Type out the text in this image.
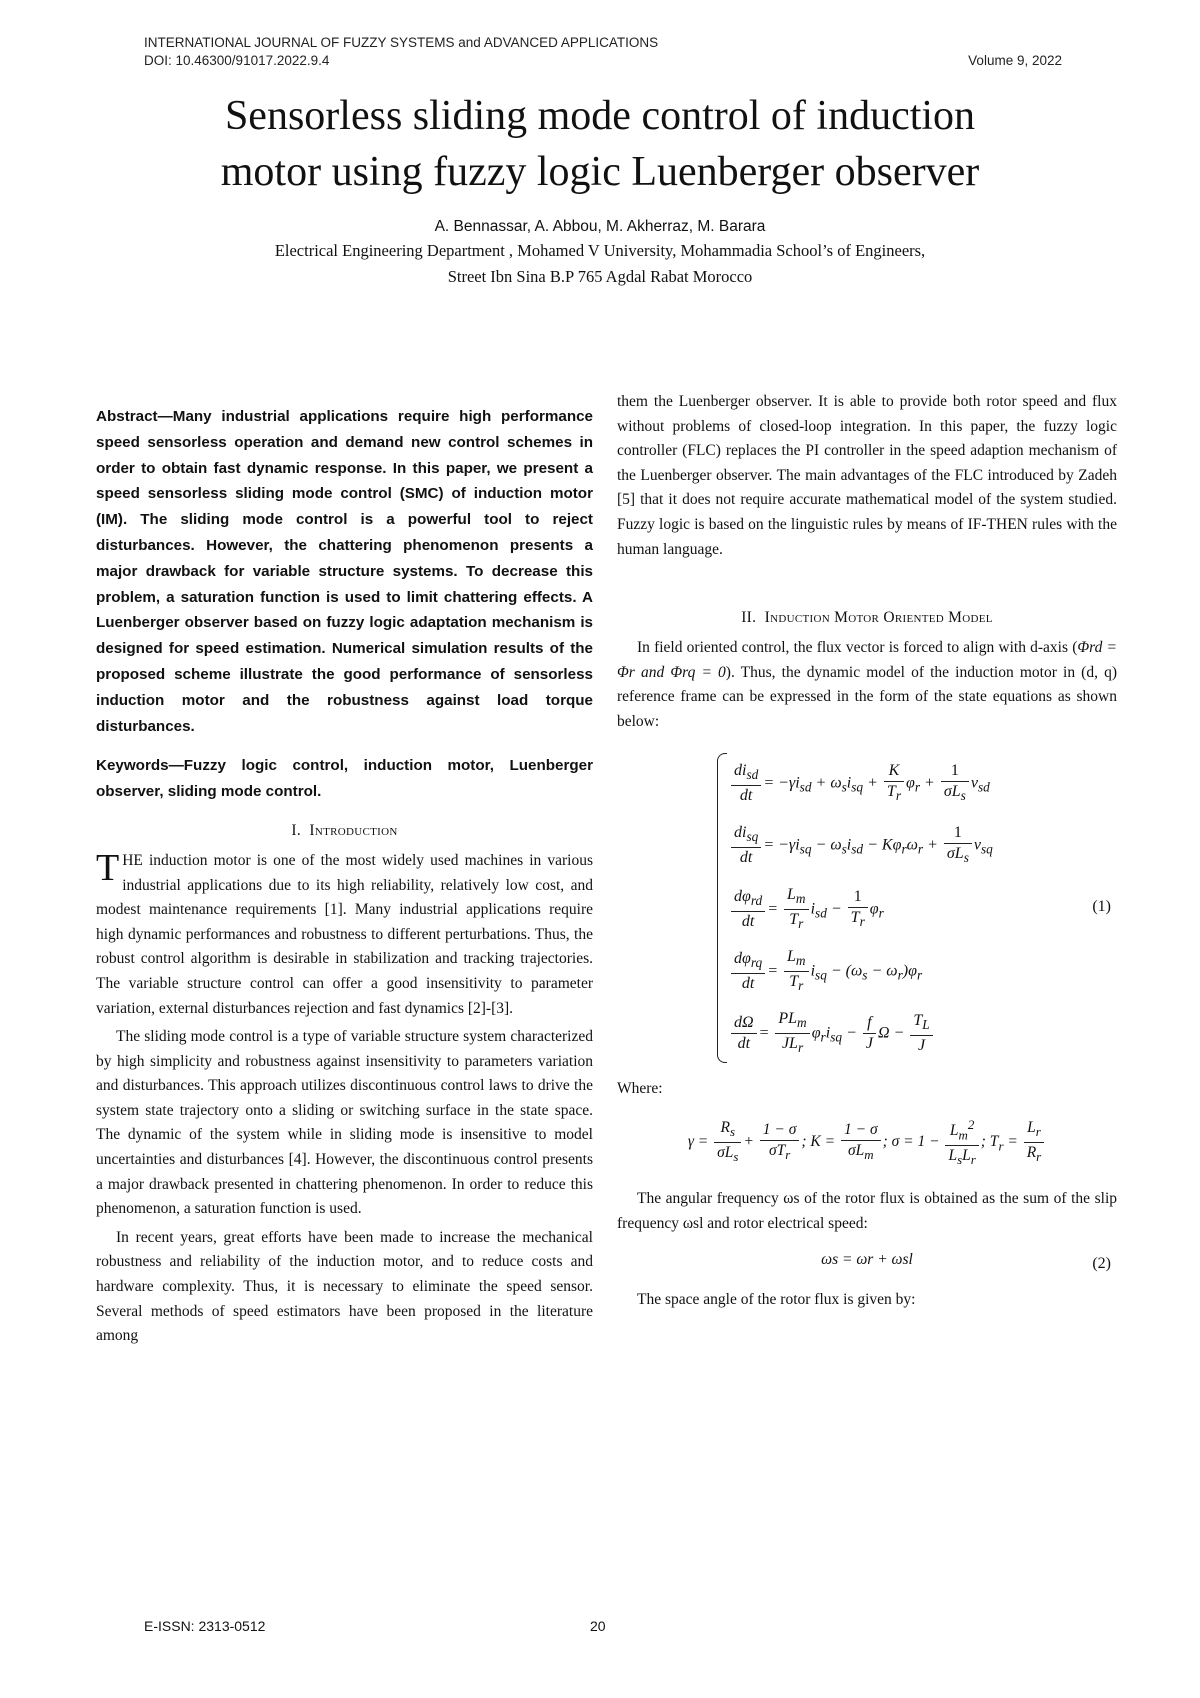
INTERNATIONAL JOURNAL OF FUZZY SYSTEMS and ADVANCED APPLICATIONS
DOI: 10.46300/91017.2022.9.4	Volume 9, 2022
Sensorless sliding mode control of induction
motor using fuzzy logic Luenberger observer
A. Bennassar, A. Abbou, M. Akherraz, M. Barara
Electrical Engineering Department , Mohamed V University, Mohammadia School’s of Engineers,
Street Ibn Sina B.P 765 Agdal Rabat Morocco

Abstract—Many industrial applications require high performance speed sensorless operation and demand new control schemes in order to obtain fast dynamic response. In this paper, we present a speed sensorless sliding mode control (SMC) of induction motor (IM). The sliding mode control is a powerful tool to reject disturbances. However, the chattering phenomenon presents a major drawback for variable structure systems. To decrease this problem, a saturation function is used to limit chattering effects. A Luenberger observer based on fuzzy logic adaptation mechanism is designed for speed estimation. Numerical simulation results of the proposed scheme illustrate the good performance of sensorless induction motor and the robustness against load torque disturbances.

Keywords—Fuzzy logic control, induction motor, Luenberger observer, sliding mode control.

I. Introduction

THE induction motor is one of the most widely used machines in various industrial applications due to its high reliability, relatively low cost, and modest maintenance requirements [1]. Many industrial applications require high dynamic performances and robustness to different perturbations. Thus, the robust control algorithm is desirable in stabilization and tracking trajectories. The variable structure control can offer a good insensitivity to parameter variation, external disturbances rejection and fast dynamics [2]-[3].

The sliding mode control is a type of variable structure system characterized by high simplicity and robustness against insensitivity to parameters variation and disturbances. This approach utilizes discontinuous control laws to drive the system state trajectory onto a sliding or switching surface in the state space. The dynamic of the system while in sliding mode is insensitive to model uncertainties and disturbances [4]. However, the discontinuous control presents a major drawback presented in chattering phenomenon. In order to reduce this phenomenon, a saturation function is used.

In recent years, great efforts have been made to increase the mechanical robustness and reliability of the induction motor, and to reduce costs and hardware complexity. Thus, it is necessary to eliminate the speed sensor. Several methods of speed estimators have been proposed in the literature among

them the Luenberger observer. It is able to provide both rotor speed and flux without problems of closed-loop integration. In this paper, the fuzzy logic controller (FLC) replaces the PI controller in the speed adaption mechanism of the Luenberger observer. The main advantages of the FLC introduced by Zadeh [5] that it does not require accurate mathematical model of the system studied. Fuzzy logic is based on the linguistic rules by means of IF-THEN rules with the human language.

II. Induction Motor Oriented Model

In field oriented control, the flux vector is forced to align with d-axis (Φrd = Φr and Φrq = 0). Thus, the dynamic model of the induction motor in (d, q) reference frame can be expressed in the form of the state equations as shown below:

$\frac{di_{sd}}{dt} = -\gamma i_{sd} + \omega_si_{sq} + \frac{K}{T_r} \varphi_r + \frac{1}{\sigma L_s} v_{sd}$
$\frac{di_{sq}}{dt} = -\gamma i_{sq} - \omega_si_{sd} - K\varphi_r\omega_r + \frac{1}{\sigma L_s} v_{sq}$
$\frac{d\varphi_{rd}}{dt} = \frac{L_m}{T_r} i_{sd} - \frac{1}{T_r} \varphi_r$	(1)
$\frac{d\varphi_{rq}}{dt} = \frac{L_m}{T_r} i_{sq} - (\omega_s - \omega_r)\varphi_r$
$\frac{d\Omega}{dt} = \frac{PL_m}{JL_r} \varphi_ri_{sq} - \frac{f}{J}$ $\Omega - \frac{T_L}{J}$

Where:

$\gamma = \frac{R_s}{\sigma L_s} + \frac{1 - \sigma}{\sigma T_r}$ ; $K = \frac{1 - \sigma}{\sigma L_m}$ ; $\sigma = 1 - \frac{L_m^2}{L_sL_r}$ ; $T_r = \frac{L_r}{R_r}$

The angular frequency ωs of the rotor flux is obtained as the sum of the slip frequency ωsl and rotor electrical speed:

ωs = ωr + ωsl	(2)

The space angle of the rotor flux is given by:

E-ISSN: 2313-0512	20
